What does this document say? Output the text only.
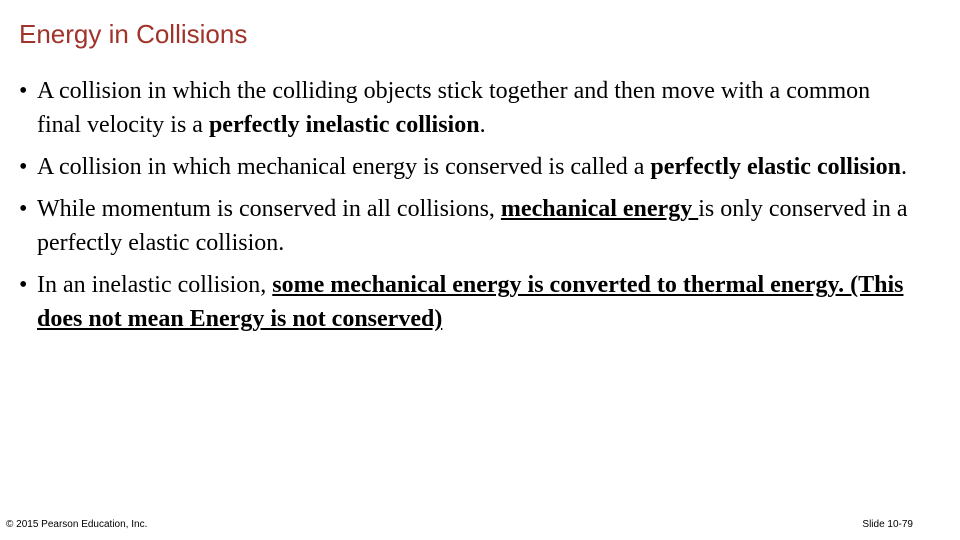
Energy in Collisions
• A collision in which the colliding objects stick together and then move with a common final velocity is a perfectly inelastic collision.
• A collision in which mechanical energy is conserved is called a perfectly elastic collision.
• While momentum is conserved in all collisions, mechanical energy is only conserved in a perfectly elastic collision.
• In an inelastic collision, some mechanical energy is converted to thermal energy. (This does not mean Energy is not conserved)
© 2015 Pearson Education, Inc.	Slide 10-79
